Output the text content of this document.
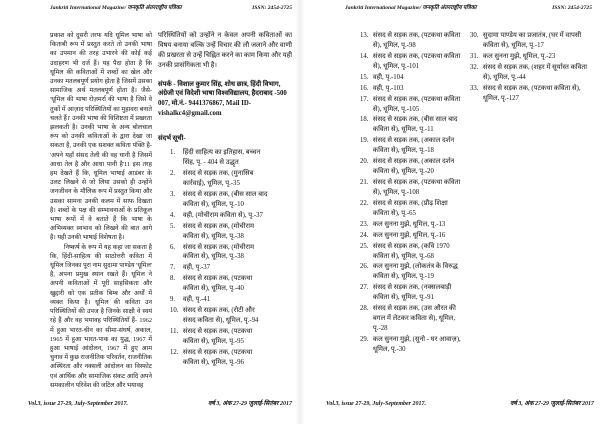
Jankriti International Magazine/ जनकृति अंतरराष्ट्रीय पत्रिका	ISSN: 2454-2725

प्रकाश को दूसरी तरफ यदि धूमिल भाषा को किताबी रूप में प्रस्तुत करते तो उनकी भाषा का उपमान की तरह उभारने की कोई कई उदाहरण भी दर्ज हैं। यह पैदा होता है कि धूमिल की कविताओं में शब्दों का खेल और उनका मतलबपूर्ण प्रयोग होता है जिसमें उसका सामाजिक अर्थ मतलबपूर्ण होता है। जैसे- 'धूमिल की भाषा रोज़मर्रा की भाषा है जिसे वे तुकों में आज़ाद परिस्थितियों का मुहावरा बनाते चलते हैं।' उनकी भाषा की विशिष्टता में प्रखरता झलकती है। उनकी भाषा के अन्य बोलचाल रूप को उनकी कविताओं के द्वारा देखा जा सकता है, उनकी एक सशक्त कविता पंक्ति है- 'अपने यहाँ संसद तेली की वह घानी है जिसमें आधा तेल है और आधा पानी है'11 इस तरह हम देखते हैं कि, धूमिल भाषाई आडंबर के उलट लिखने से जो लिया उसको ही उन्होंने जनजीवन के मौलिक रूप में प्रस्तुत किया और उसका सामना उनकी कलम में साफ दिखता है। शब्दों के पक्ष की सम्भावनाओं के प्रतिकूल भाषा रूपों में वे बताते हैं कि भाषा के अभिव्यक्त स्वभाव को लिखने की बात आगे है। यही उनकी भाषाई विशेषता है।

निष्कर्ष के रूप में यह कहा जा सकता है कि, हिंदी-साहित्य की साठोत्तरी कविता में धूमिल जिनका पूरा नाम सुदामा पाण्डेय 'धूमिल' है, अपना प्रमुख स्थान रखते हैं। धूमिल ने अपनी कविताओं में पूरी साहसिकता और खुद्दारी को एक प्रतीक बिम्ब और अर्थों में व्यक्त किया है। धूमिल की कविता उन परिस्थितियों की उपज है जिनके साक्षी वे स्वयं रहे हैं और वह भयावह परिस्थितियाँ हैं- 1962 में हुआ भारत-चीन का सीमा-संघर्ष, अकाल, 1965 में हुआ भारत-पाक का युद्ध, 1967 में हुआ भाषाई आंदोलन, 1967 में हुए आम चुनाव में कुछ राजनीतिक परिवर्तन, राजनीतिक अस्थिरता और नक्सली आंदोलन का विस्फोट एवं आर्थिक और सामाजिक संकट आदि अपने समकालीन परिवेश की जटिल और भयावह

परिस्थितियों को उन्होंने न केवल अपनी कविताओं का विषय बनाया बल्कि उन्हें विचार की लौ जलाने और वाणी की प्रखरता से उन्हें चिह्नित करने का काम किया और यही उनकी प्रासंगिकता भी है।

संपर्क - विशाल कुमार सिंह, शोध छात्र, हिंदी विभाग, अंग्रेजी एवं विदेशी भाषा विश्वविद्यालय, हैदराबाद -500 007, मो.नं.- 9441376867, Mail ID-
vishalkc4@gmail.com
संदर्भ सूची-
1. हिंदी साहित्य का इतिहास, बच्चन सिंह, पृ. - 404 से उद्धृत
2. संसद से सड़क तक, (मुनासिब कार्रवाई), धूमिल, पृ.-35
3. संसद से सड़क तक, (बीस साल बाद कविता से), धूमिल, पृ.-10
4. वही, (मोचीराम कविता से), पृ.-37
5. संसद से सड़क तक, (मोचीराम कविता से), धूमिल, पृ.-38
6. संसद से सड़क तक, (मोचीराम कविता से), धूमिल, पृ.-38
7. वही, पृ.-37
8. संसद से सड़क तक, (पटकथा कविता से), धूमिल, पृ.-40
9. वही, पृ.-41
10. संसद से सड़क तक, (रोटी और संसद कविता से), धूमिल, पृ.-94
11. संसद से सड़क तक, (पटकथा कविता से), धूमिल, पृ.-95
12. संसद से सड़क तक, (पटकथा कविता से), धूमिल, पृ.-96
Vol.3, issue 27-29, July-September 2017.	वर्ष 3, अंक 27-29 जुलाई-सितंबर 2017
Jankriti International Magazine/ जनकृति अंतरराष्ट्रीय पत्रिका	ISSN: 2454-2725
13. संसद से सड़क तक, (पटकथा कविता से), धूमिल, पृ.-98
14. संसद से सड़क तक, (पटकथा कविता से), धूमिल, पृ.-101
15. वही, पृ.-104
16. वही, पृ.-103
17. संसद से सड़क तक, (पटकथा कविता से), धूमिल, पृ.-105
18. संसद से सड़क तक, (बीस साल बाद कविता से), धूमिल, पृ.-11
19. संसद से सड़क तक, (अकाल दर्शन कविता से), धूमिल, पृ.-18
20. संसद से सड़क तक, (अकाल दर्शन कविता से), धूमिल, पृ.-20
21. संसद से सड़क तक, (पटकथा कविता से), धूमिल, पृ.-108
22. संसद से सड़क तक, (प्रौढ़ शिक्षा कविता से), पृ.-65
23. कल सुनना मुझे, धूमिल, पृ.-13
24. कल सुनना मुझे, धूमिल, पृ.-16
25. संसद से सड़क तक, (कवि 1970 कविता से), धूमिल, पृ.-68
26. कल सुनना मुझे, (लोकतंत्र के विरुद्ध कविता से), धूमिल, पृ.-19
27. संसद से सड़क तक, (नक्सलबाड़ी कविता से), धूमिल, पृ.-91
28. संसद से सड़क तक, (उस औरत की बगल में लेटकर कविता से), धूमिल, पृ.-28
29. कल सुनना मुझे, (सुनो - घर आवाज़), धूमिल, पृ.-30
30. सुदामा पाण्डेय का प्रजातंत्र, (घर में वापसी कविता से), धूमिल, पृ.-17
31. कल सुनना मुझे, धूमिल, पृ.-23
32. संसद से सड़क तक, (शहर में सूर्यास्त कविता से), धूमिल, पृ.-44
33. संसद से सड़क तक, (पटकथा कविता से), धूमिल, पृ.-127
Vol.3, issue 27-29, July-September 2017.	वर्ष 3, अंक 27-29 जुलाई-सितंबर 2017
